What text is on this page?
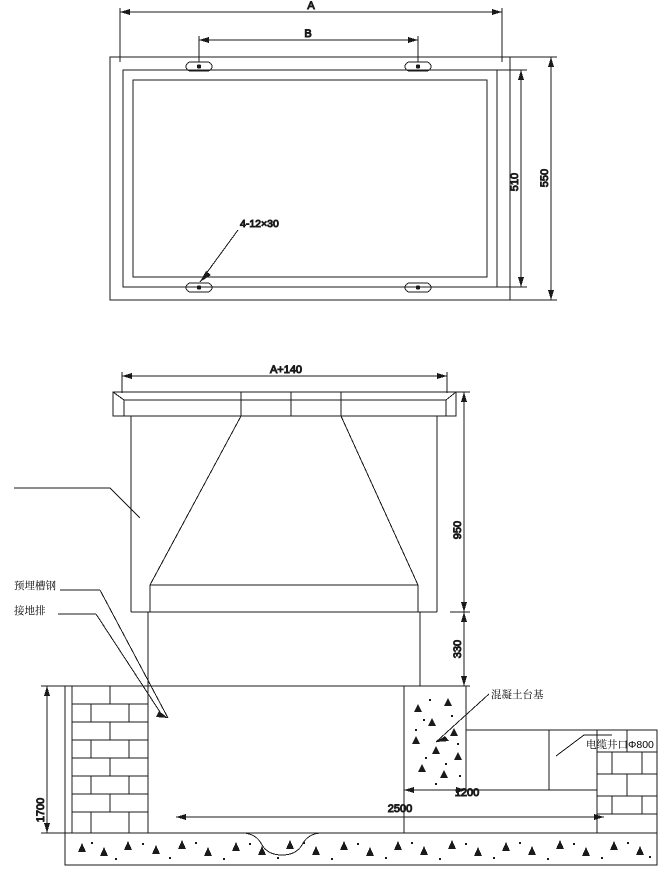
A
B
4-12×30
510 550
A+140
950
330
1700
1200
2500
预埋槽钢
接地排
混凝土台基
电缆井口Φ800
